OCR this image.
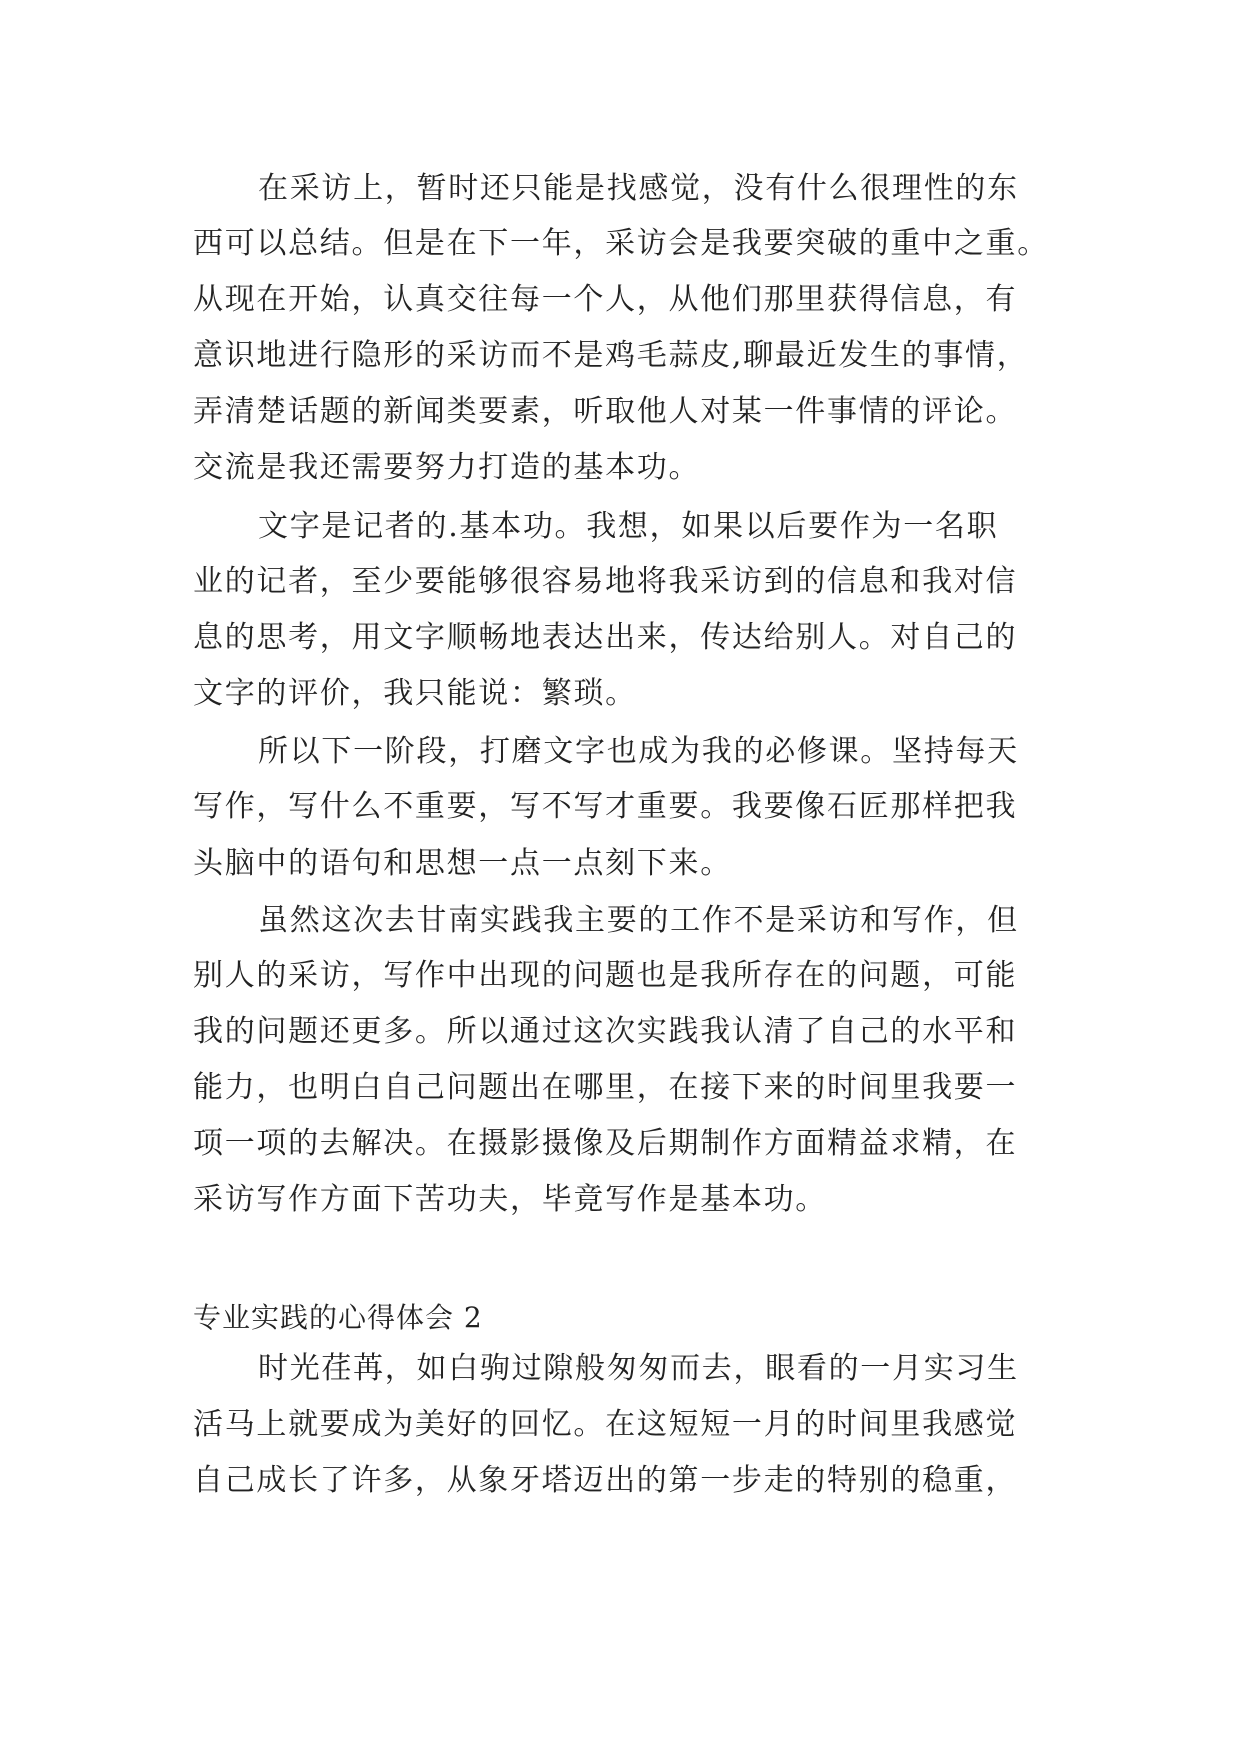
在采访上，暂时还只能是找感觉，没有什么很理性的东
西可以总结。但是在下一年，采访会是我要突破的重中之重。
从现在开始，认真交往每一个人，从他们那里获得信息，有
意识地进行隐形的采访而不是鸡毛蒜皮,聊最近发生的事情，
弄清楚话题的新闻类要素，听取他人对某一件事情的评论。
交流是我还需要努力打造的基本功。
文字是记者的.基本功。我想，如果以后要作为一名职
业的记者，至少要能够很容易地将我采访到的信息和我对信
息的思考，用文字顺畅地表达出来，传达给别人。对自己的
文字的评价，我只能说：繁琐。
所以下一阶段，打磨文字也成为我的必修课。坚持每天
写作，写什么不重要，写不写才重要。我要像石匠那样把我
头脑中的语句和思想一点一点刻下来。
虽然这次去甘南实践我主要的工作不是采访和写作，但
别人的采访，写作中出现的问题也是我所存在的问题，可能
我的问题还更多。所以通过这次实践我认清了自己的水平和
能力，也明白自己问题出在哪里，在接下来的时间里我要一
项一项的去解决。在摄影摄像及后期制作方面精益求精，在
采访写作方面下苦功夫，毕竟写作是基本功。
专业实践的心得体会 2
时光荏苒，如白驹过隙般匆匆而去，眼看的一月实习生
活马上就要成为美好的回忆。在这短短一月的时间里我感觉
自己成长了许多，从象牙塔迈出的第一步走的特别的稳重，
